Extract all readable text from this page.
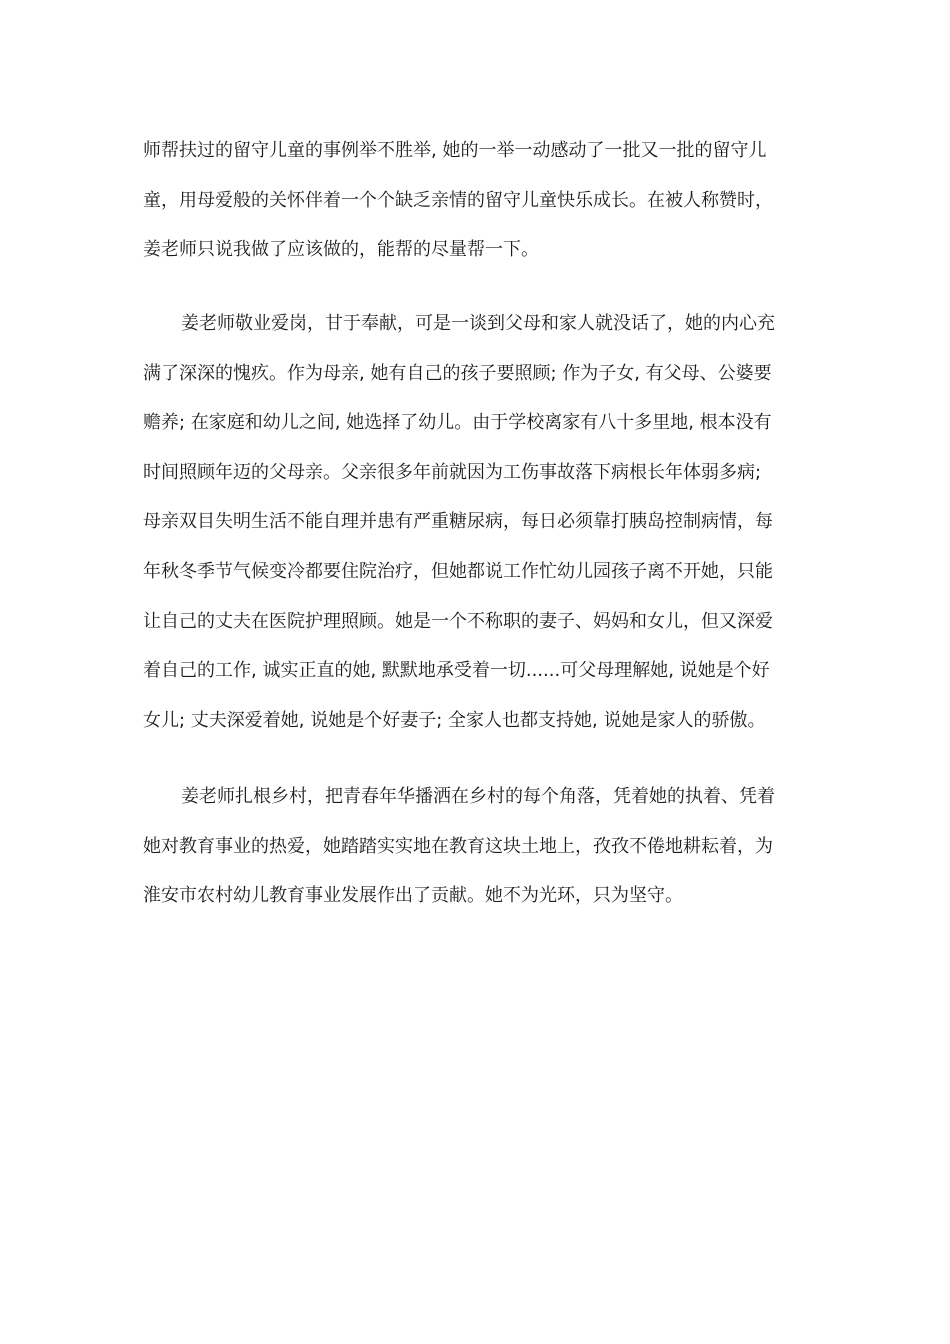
师帮扶过的留守儿童的事例举不胜举, 她的一举一动感动了一批又一批的留守儿
童，用母爱般的关怀伴着一个个缺乏亲情的留守儿童快乐成长。在被人称赞时，
姜老师只说我做了应该做的，能帮的尽量帮一下。
姜老师敬业爱岗，甘于奉献，可是一谈到父母和家人就没话了，她的内心充
满了深深的愧疚。作为母亲, 她有自己的孩子要照顾; 作为子女, 有父母、公婆要
赡养; 在家庭和幼儿之间, 她选择了幼儿。由于学校离家有八十多里地, 根本没有
时间照顾年迈的父母亲。父亲很多年前就因为工伤事故落下病根长年体弱多病;
母亲双目失明生活不能自理并患有严重糖尿病，每日必须靠打胰岛控制病情，每
年秋冬季节气候变冷都要住院治疗，但她都说工作忙幼儿园孩子离不开她，只能
让自己的丈夫在医院护理照顾。她是一个不称职的妻子、妈妈和女儿，但又深爱
着自己的工作, 诚实正直的她, 默默地承受着一切......可父母理解她, 说她是个好
女儿; 丈夫深爱着她, 说她是个好妻子; 全家人也都支持她, 说她是家人的骄傲。
姜老师扎根乡村，把青春年华播洒在乡村的每个角落，凭着她的执着、凭着
她对教育事业的热爱，她踏踏实实地在教育这块土地上，孜孜不倦地耕耘着，为
淮安市农村幼儿教育事业发展作出了贡献。她不为光环，只为坚守。
